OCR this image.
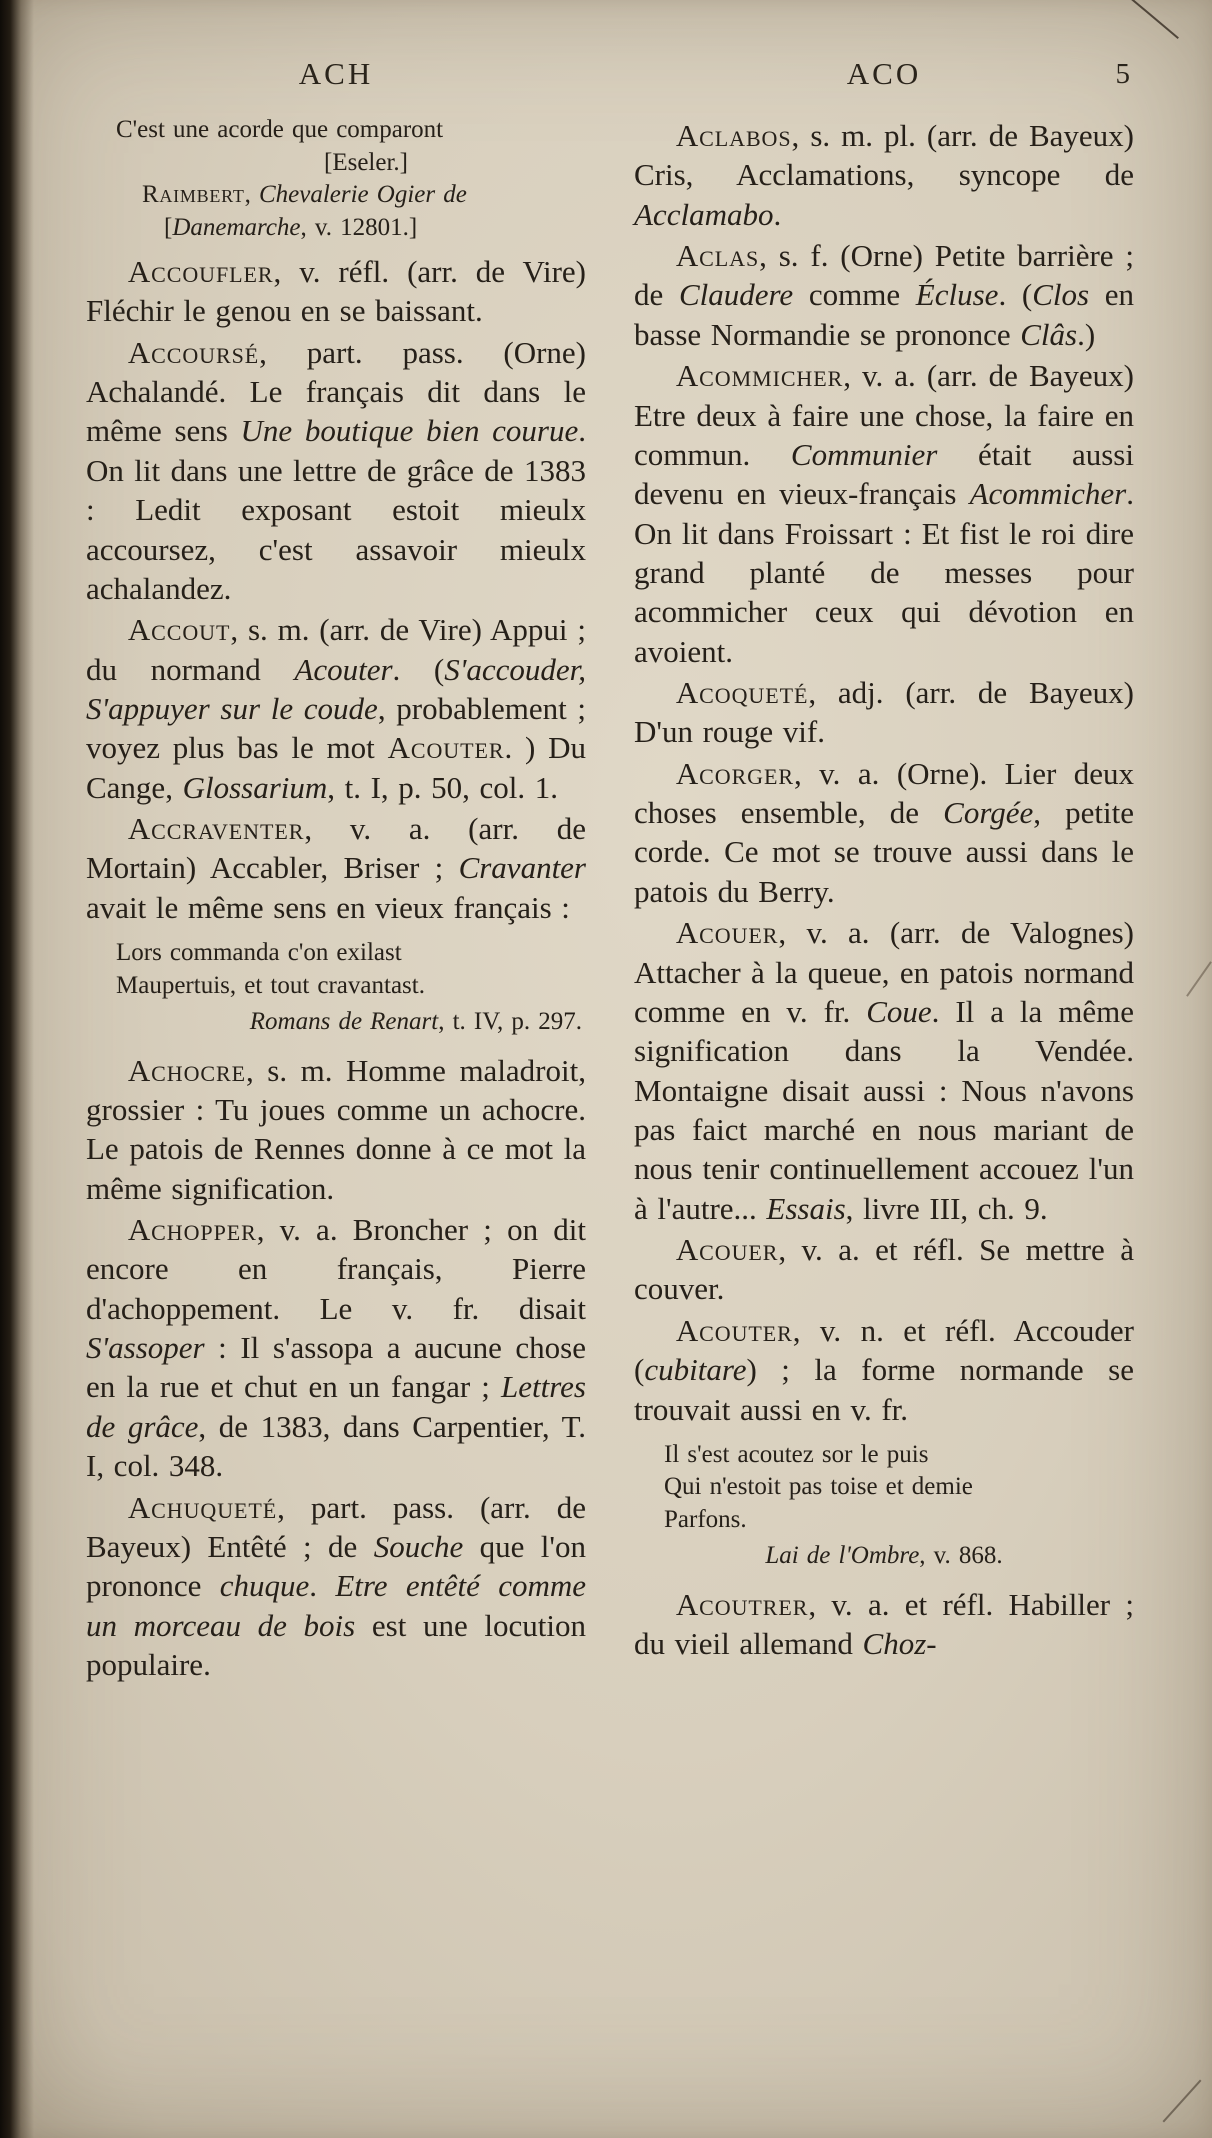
ACH	ACO	5
C'est une acorde que comparont
[Eseler.]
Raimbert, Chevalerie Ogier de
[Danemarche, v. 12801.]
Accoufler, v. réfl. (arr. de Vire) Fléchir le genou en se baissant.
Accoursé, part. pass. (Orne) Achalandé. Le français dit dans le même sens Une boutique bien courue. On lit dans une lettre de grâce de 1383 : Ledit exposant estoit mieulx accoursez, c'est assavoir mieulx achalandez.
Accout, s. m. (arr. de Vire) Appui ; du normand Acouter. (S'accouder, S'appuyer sur le coude, probablement ; voyez plus bas le mot Acouter. ) Du Cange, Glossarium, t. I, p. 50, col. 1.
Accraventer, v. a. (arr. de Mortain) Accabler, Briser ; Cravanter avait le même sens en vieux français :
Lors commanda c'on exilast
Maupertuis, et tout cravantast.
Romans de Renart, t. IV, p. 297.
Achocre, s. m. Homme maladroit, grossier : Tu joues comme un achocre. Le patois de Rennes donne à ce mot la même signification.
Achopper, v. a. Broncher ; on dit encore en français, Pierre d'achoppement. Le v. fr. disait S'assoper : Il s'assopa a aucune chose en la rue et chut en un fangar ; Lettres de grâce, de 1383, dans Carpentier, T. I, col. 348.
Achuqueté, part. pass. (arr. de Bayeux) Entêté ; de Souche que l'on prononce chuque. Etre entêté comme un morceau de bois est une locution populaire.
Aclabos, s. m. pl. (arr. de Bayeux) Cris, Acclamations, syncope de Acclamabo.
Aclas, s. f. (Orne) Petite barrière ; de Claudere comme Écluse. (Clos en basse Normandie se prononce Clâs.)
Acommicher, v. a. (arr. de Bayeux) Etre deux à faire une chose, la faire en commun. Communier était aussi devenu en vieux-français Acommicher. On lit dans Froissart : Et fist le roi dire grand planté de messes pour acommicher ceux qui dévotion en avoient.
Acoqueté, adj. (arr. de Bayeux) D'un rouge vif.
Acorger, v. a. (Orne). Lier deux choses ensemble, de Corgée, petite corde. Ce mot se trouve aussi dans le patois du Berry.
Acouer, v. a. (arr. de Valognes) Attacher à la queue, en patois normand comme en v. fr. Coue. Il a la même signification dans la Vendée. Montaigne disait aussi : Nous n'avons pas faict marché en nous mariant de nous tenir continuellement accouez l'un à l'autre... Essais, livre III, ch. 9.
Acouer, v. a. et réfl. Se mettre à couver.
Acouter, v. n. et réfl. Accouder (cubitare) ; la forme normande se trouvait aussi en v. fr.
Il s'est acoutez sor le puis
Qui n'estoit pas toise et demie
Parfons.
Lai de l'Ombre, v. 868.
Acoutrer, v. a. et réfl. Habiller ; du vieil allemand Choz-
